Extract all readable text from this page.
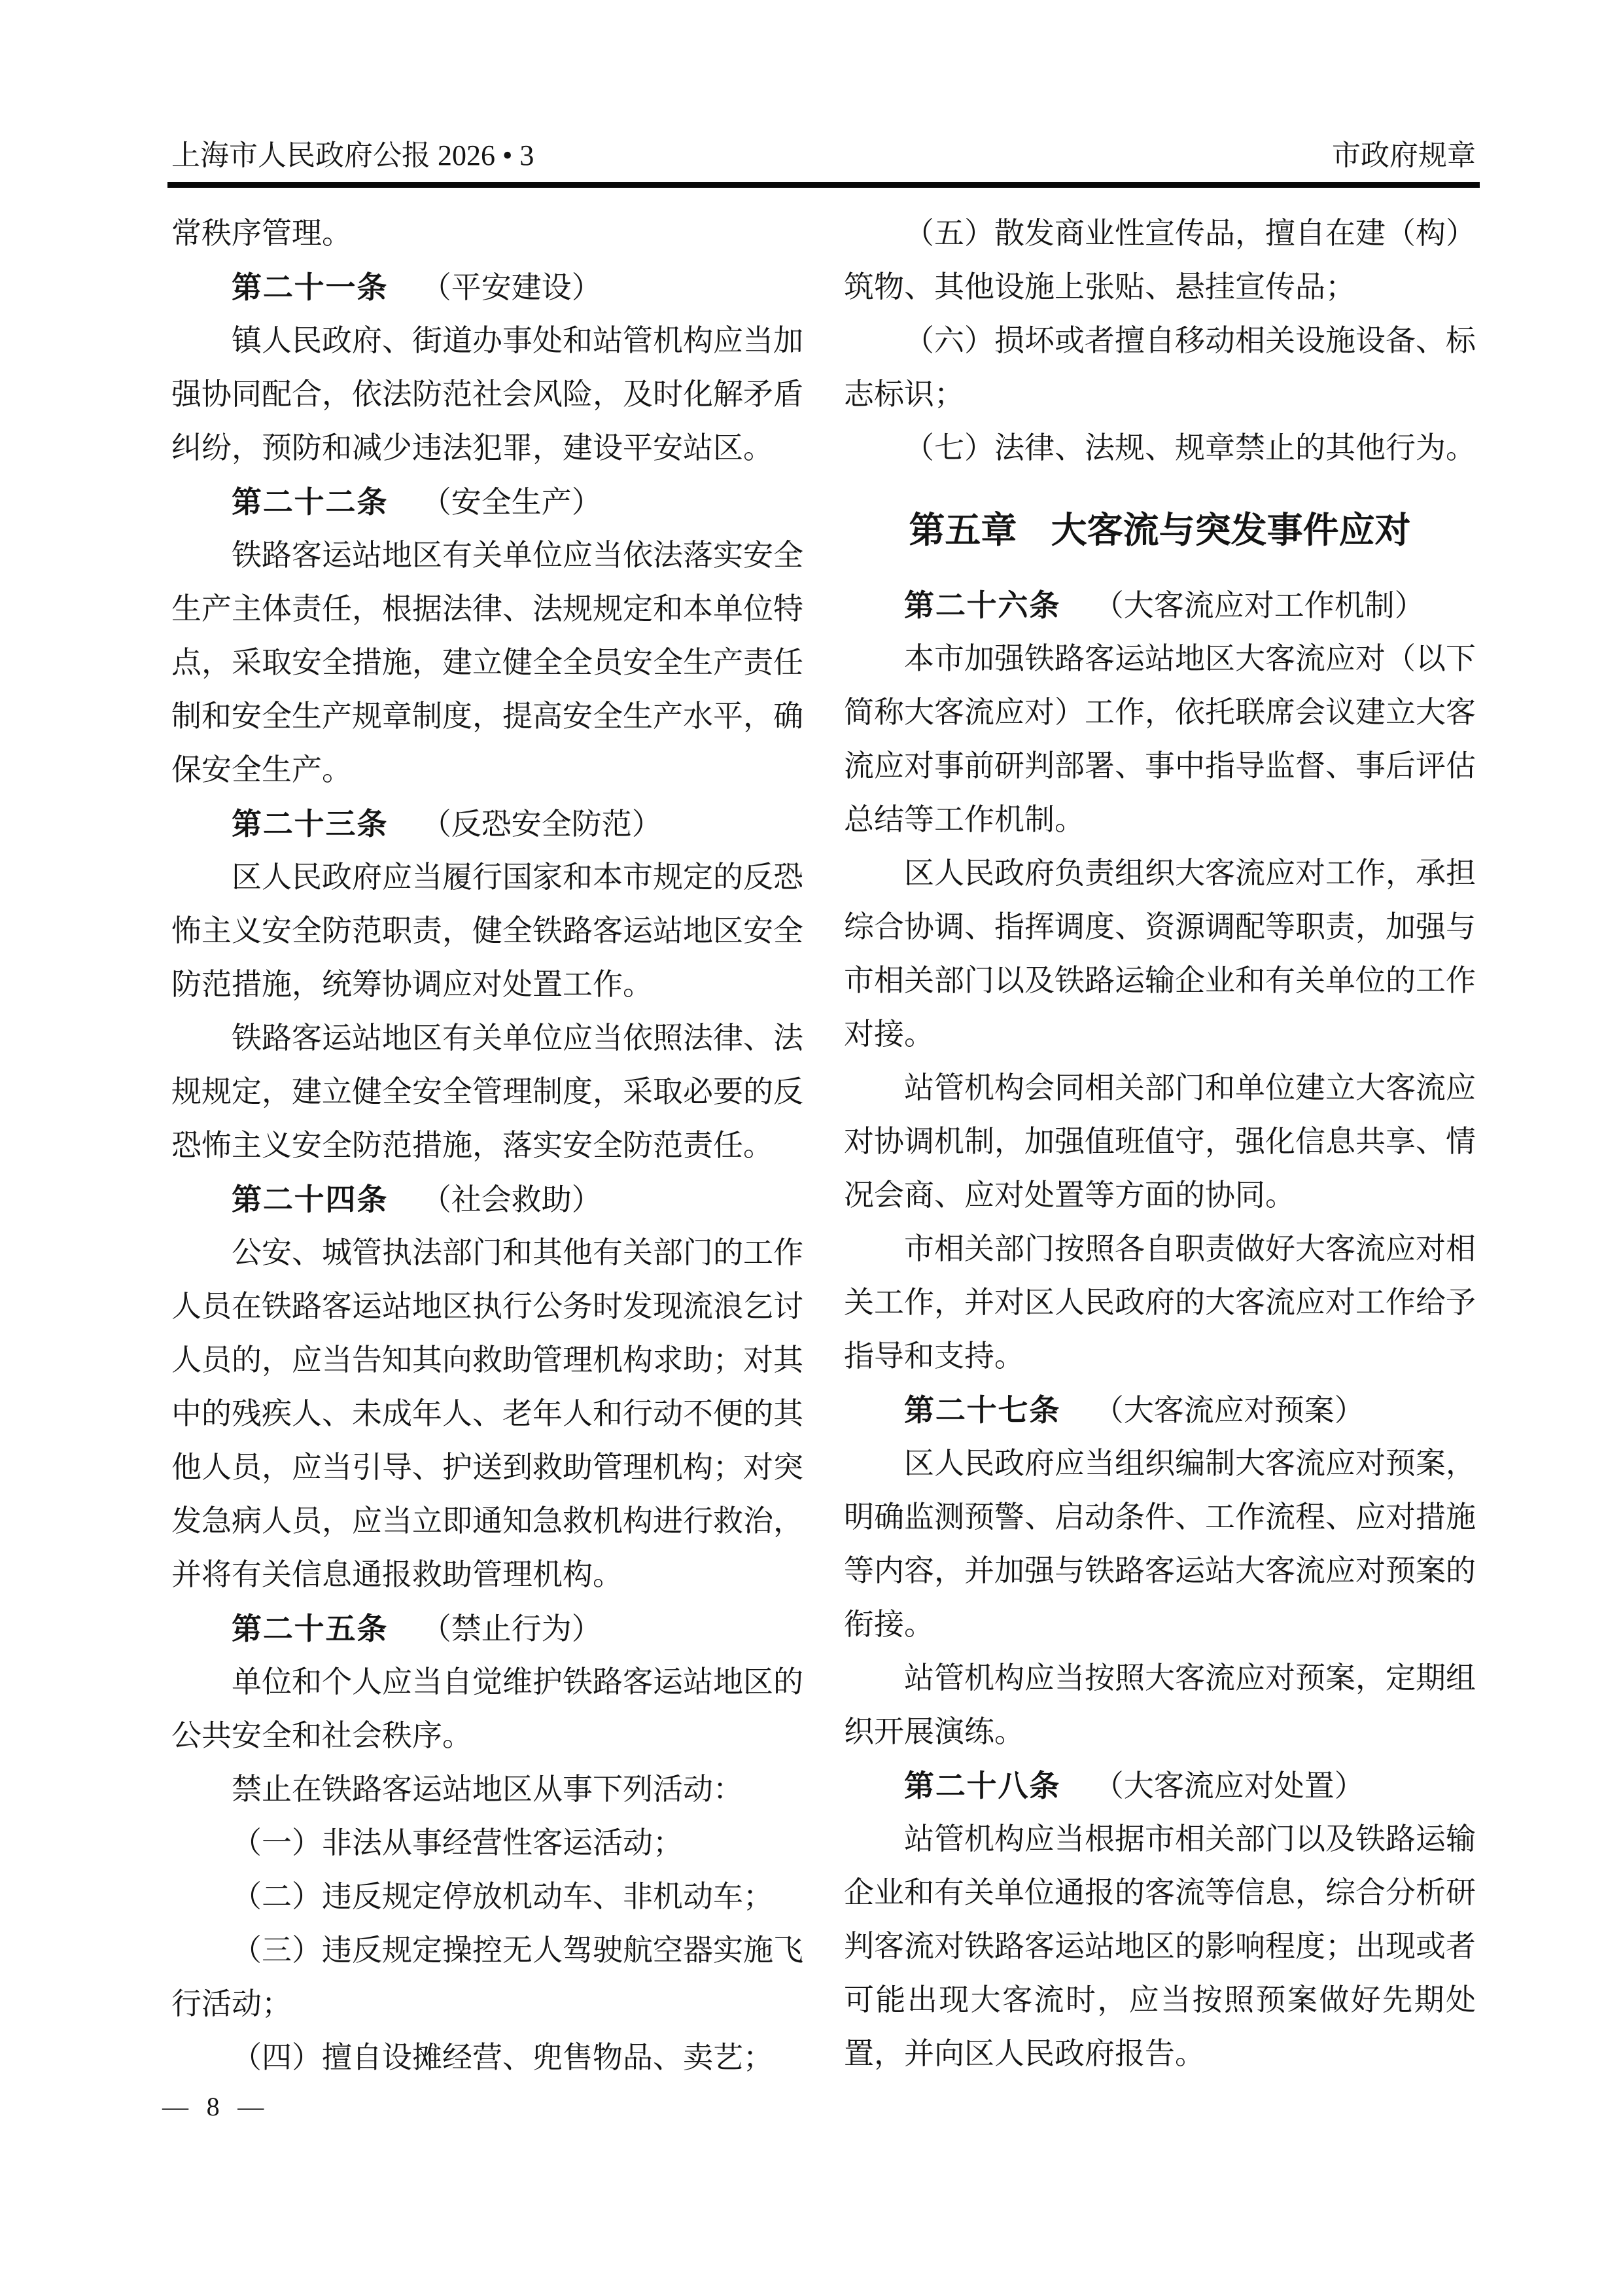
上海市人民政府公报 2026 • 3	市政府规章
常秩序管理。
第二十一条 （平安建设）
镇人民政府、街道办事处和站管机构应当加
强协同配合，依法防范社会风险，及时化解矛盾
纠纷，预防和减少违法犯罪，建设平安站区。
第二十二条 （安全生产）
铁路客运站地区有关单位应当依法落实安全
生产主体责任，根据法律、法规规定和本单位特
点，采取安全措施，建立健全全员安全生产责任
制和安全生产规章制度，提高安全生产水平，确
保安全生产。
第二十三条 （反恐安全防范）
区人民政府应当履行国家和本市规定的反恐
怖主义安全防范职责，健全铁路客运站地区安全
防范措施，统筹协调应对处置工作。
铁路客运站地区有关单位应当依照法律、法
规规定，建立健全安全管理制度，采取必要的反
恐怖主义安全防范措施，落实安全防范责任。
第二十四条 （社会救助）
公安、城管执法部门和其他有关部门的工作
人员在铁路客运站地区执行公务时发现流浪乞讨
人员的，应当告知其向救助管理机构求助；对其
中的残疾人、未成年人、老年人和行动不便的其
他人员，应当引导、护送到救助管理机构；对突
发急病人员，应当立即通知急救机构进行救治，
并将有关信息通报救助管理机构。
第二十五条 （禁止行为）
单位和个人应当自觉维护铁路客运站地区的
公共安全和社会秩序。
禁止在铁路客运站地区从事下列活动：
（一）非法从事经营性客运活动；
（二）违反规定停放机动车、非机动车；
（三）违反规定操控无人驾驶航空器实施飞
行活动；
（四）擅自设摊经营、兜售物品、卖艺；
（五）散发商业性宣传品，擅自在建（构）
筑物、其他设施上张贴、悬挂宣传品；
（六）损坏或者擅自移动相关设施设备、标
志标识；
（七）法律、法规、规章禁止的其他行为。
第五章 大客流与突发事件应对
第二十六条 （大客流应对工作机制）
本市加强铁路客运站地区大客流应对（以下
简称大客流应对）工作，依托联席会议建立大客
流应对事前研判部署、事中指导监督、事后评估
总结等工作机制。
区人民政府负责组织大客流应对工作，承担
综合协调、指挥调度、资源调配等职责，加强与
市相关部门以及铁路运输企业和有关单位的工作
对接。
站管机构会同相关部门和单位建立大客流应
对协调机制，加强值班值守，强化信息共享、情
况会商、应对处置等方面的协同。
市相关部门按照各自职责做好大客流应对相
关工作，并对区人民政府的大客流应对工作给予
指导和支持。
第二十七条 （大客流应对预案）
区人民政府应当组织编制大客流应对预案，
明确监测预警、启动条件、工作流程、应对措施
等内容，并加强与铁路客运站大客流应对预案的
衔接。
站管机构应当按照大客流应对预案，定期组
织开展演练。
第二十八条 （大客流应对处置）
站管机构应当根据市相关部门以及铁路运输
企业和有关单位通报的客流等信息，综合分析研
判客流对铁路客运站地区的影响程度；出现或者
可能出现大客流时，应当按照预案做好先期处
置，并向区人民政府报告。
— 8 —
